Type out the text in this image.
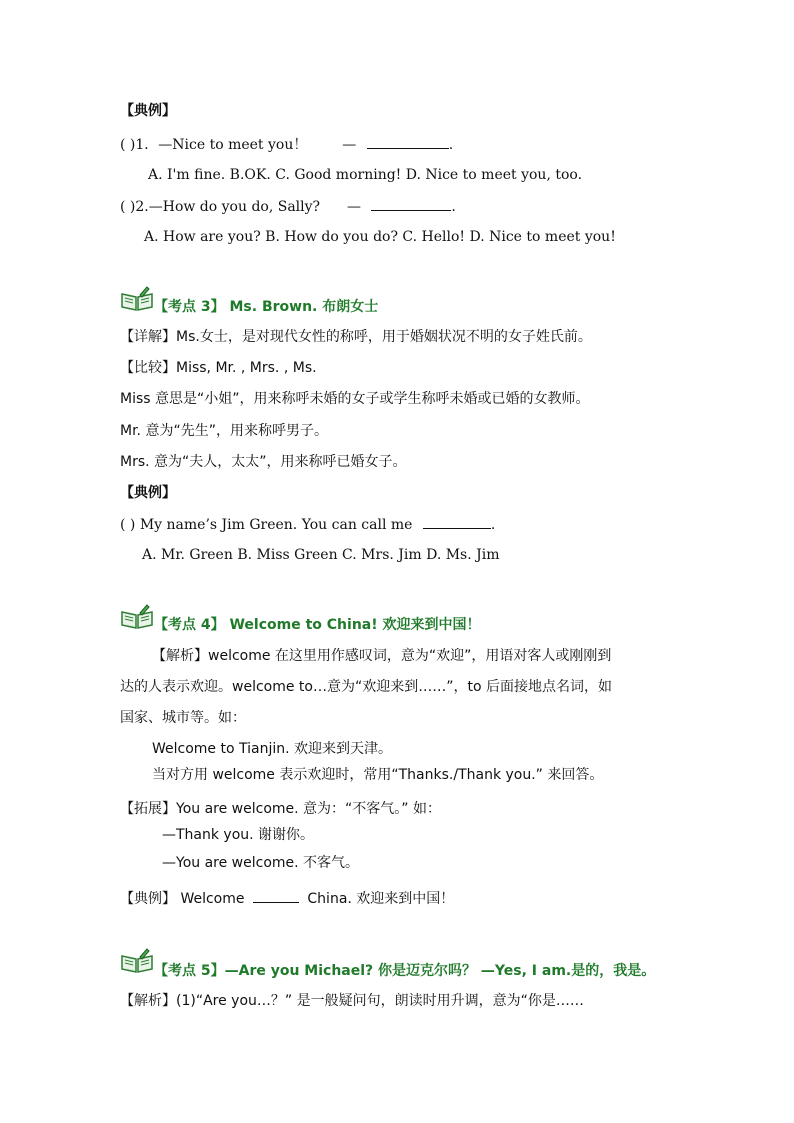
【典例】
( )1．—Nice to meet you！ —	.
A. I'm fine. B.OK. C. Good morning! D. Nice to meet you, too.
( )2.—How do you do, Sally? —	.
A. How are you? B. How do you do? C. Hello! D. Nice to meet you!
【考点 3】 Ms. Brown. 布朗女士
【详解】Ms.女士，是对现代女性的称呼，用于婚姻状况不明的女子姓氏前。
【比较】Miss, Mr. , Mrs. , Ms.
Miss 意思是“小姐”，用来称呼未婚的女子或学生称呼未婚或已婚的女教师。
Mr. 意为“先生”，用来称呼男子。
Mrs. 意为“夫人，太太”，用来称呼已婚女子。
【典例】
( ) My name’s Jim Green. You can call me	.
A. Mr. Green B. Miss Green C. Mrs. Jim D. Ms. Jim
【考点 4】 Welcome to China! 欢迎来到中国！
【解析】welcome 在这里用作感叹词，意为“欢迎”，用语对客人或刚刚到
达的人表示欢迎。welcome to…意为“欢迎来到……”，to 后面接地点名词，如
国家、城市等。如：
Welcome to Tianjin. 欢迎来到天津。
当对方用 welcome 表示欢迎时，常用“Thanks./Thank you.” 来回答。
【拓展】You are welcome. 意为：“不客气。” 如：
—Thank you. 谢谢你。
—You are welcome. 不客气。
【典例】 Welcome	China. 欢迎来到中国！
【考点 5】—Are you Michael? 你是迈克尔吗？ —Yes, I am.是的，我是。
【解析】(1)“Are you…？” 是一般疑问句，朗读时用升调，意为“你是……
